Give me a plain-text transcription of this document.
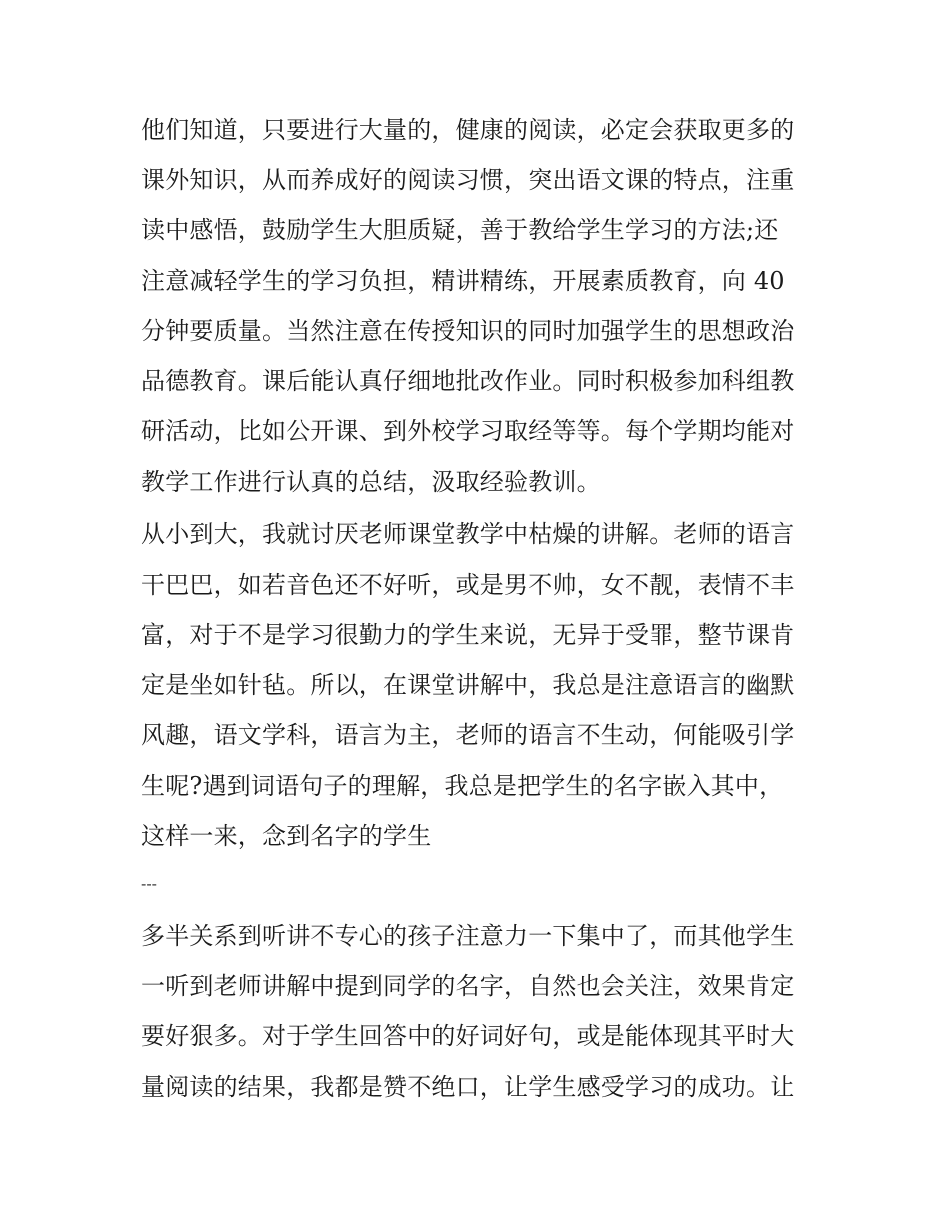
他们知道，只要进行大量的，健康的阅读，必定会获取更多的
课外知识，从而养成好的阅读习惯，突出语文课的特点，注重
读中感悟，鼓励学生大胆质疑，善于教给学生学习的方法;还
注意减轻学生的学习负担，精讲精练，开展素质教育，向 40
分钟要质量。当然注意在传授知识的同时加强学生的思想政治
品德教育。课后能认真仔细地批改作业。同时积极参加科组教
研活动，比如公开课、到外校学习取经等等。每个学期均能对
教学工作进行认真的总结，汲取经验教训。
从小到大，我就讨厌老师课堂教学中枯燥的讲解。老师的语言
干巴巴，如若音色还不好听，或是男不帅，女不靓，表情不丰
富，对于不是学习很勤力的学生来说，无异于受罪，整节课肯
定是坐如针毡。所以，在课堂讲解中，我总是注意语言的幽默
风趣，语文学科，语言为主，老师的语言不生动，何能吸引学
生呢?遇到词语句子的理解，我总是把学生的名字嵌入其中，
这样一来，念到名字的学生
---
多半关系到听讲不专心的孩子注意力一下集中了，而其他学生
一听到老师讲解中提到同学的名字，自然也会关注，效果肯定
要好狠多。对于学生回答中的好词好句，或是能体现其平时大
量阅读的结果，我都是赞不绝口，让学生感受学习的成功。让
